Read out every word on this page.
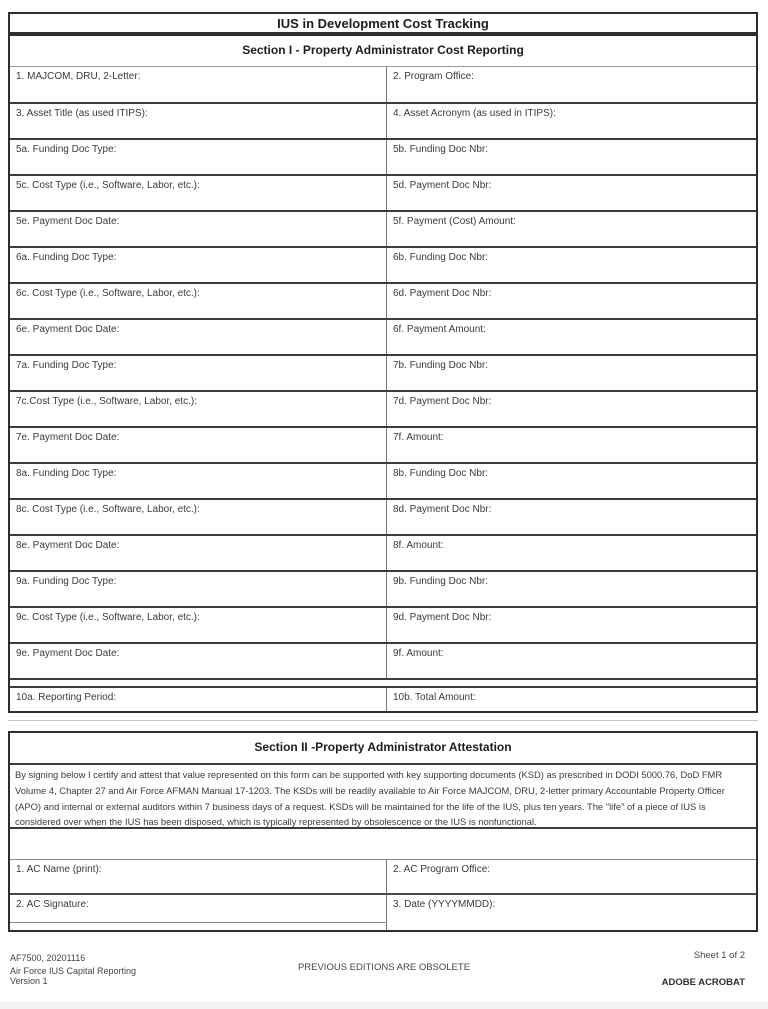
IUS in Development Cost Tracking
Section I - Property Administrator Cost Reporting
1. MAJCOM, DRU, 2-Letter:	2. Program Office:
3. Asset Title (as used ITIPS):	4. Asset Acronym (as used in ITIPS):
5a. Funding Doc Type:	5b. Funding Doc Nbr:
5c. Cost Type (i.e., Software, Labor, etc.):	5d. Payment Doc Nbr:
5e. Payment Doc Date:	5f. Payment (Cost) Amount:
6a. Funding Doc Type:	6b. Funding Doc Nbr:
6c. Cost Type (i.e., Software, Labor, etc.):	6d. Payment Doc Nbr:
6e. Payment Doc Date:	6f. Payment Amount:
7a. Funding Doc Type:	7b. Funding Doc Nbr:
7c.Cost Type (i.e., Software, Labor, etc.):	7d. Payment Doc Nbr:
7e. Payment Doc Date:	7f. Amount:
8a. Funding Doc Type:	8b. Funding Doc Nbr:
8c. Cost Type (i.e., Software, Labor, etc.):	8d. Payment Doc Nbr:
8e. Payment Doc Date:	8f. Amount:
9a. Funding Doc Type:	9b. Funding Doc Nbr:
9c. Cost Type (i.e., Software, Labor, etc.):	9d. Payment Doc Nbr:
9e. Payment Doc Date:	9f. Amount:
10a. Reporting Period:	10b. Total Amount:
Section II -Property Administrator Attestation
By signing below I certify and attest that value represented on this form can be supported with key supporting documents (KSD) as prescribed in DODI 5000.76, DoD FMR Volume 4, Chapter 27 and Air Force AFMAN Manual 17-1203. The KSDs will be readily available to Air Force MAJCOM, DRU, 2-letter primary Accountable Property Officer (APO) and internal or external auditors within 7 business days of a request. KSDs will be maintained for the life of the IUS, plus ten years. The "life" of a piece of IUS is considered over when the IUS has been disposed, which is typically represented by obsolescence or the IUS is nonfunctional.
1. AC Name (print):	2. AC Program Office:
2. AC Signature:	3. Date (YYYYMMDD):
AF7500, 20201116
Air Force IUS Capital Reporting
Version 1
PREVIOUS EDITIONS ARE OBSOLETE
Sheet 1 of 2
ADOBE ACROBAT
